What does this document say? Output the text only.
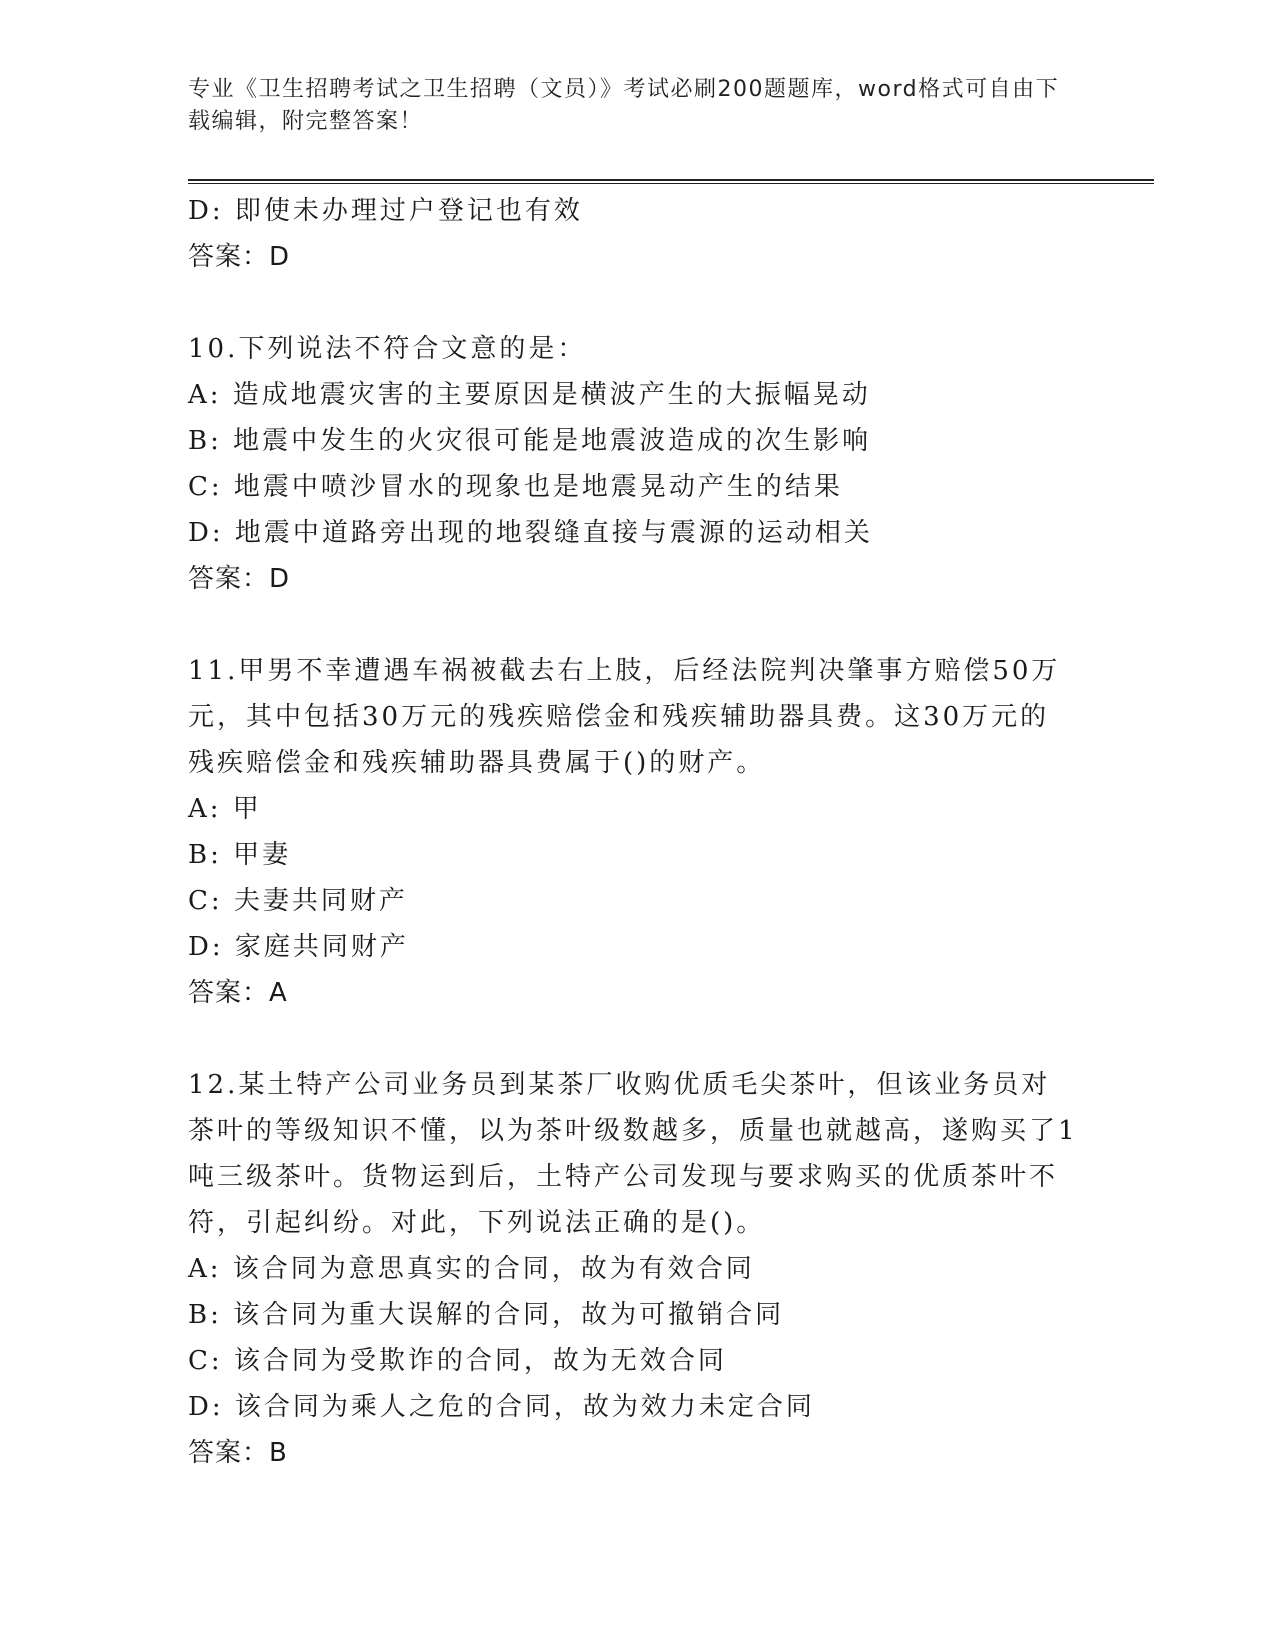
专业《卫生招聘考试之卫生招聘（文员）》考试必刷200题题库，word格式可自由下载编辑，附完整答案！
D: 即使未办理过户登记也有效
答案：D
10.下列说法不符合文意的是：
A: 造成地震灾害的主要原因是横波产生的大振幅晃动
B: 地震中发生的火灾很可能是地震波造成的次生影响
C: 地震中喷沙冒水的现象也是地震晃动产生的结果
D: 地震中道路旁出现的地裂缝直接与震源的运动相关
答案：D
11.甲男不幸遭遇车祸被截去右上肢，后经法院判决肇事方赔偿50万元，其中包括30万元的残疾赔偿金和残疾辅助器具费。这30万元的残疾赔偿金和残疾辅助器具费属于()的财产。
A: 甲
B: 甲妻
C: 夫妻共同财产
D: 家庭共同财产
答案：A
12.某土特产公司业务员到某茶厂收购优质毛尖茶叶，但该业务员对茶叶的等级知识不懂，以为茶叶级数越多，质量也就越高，遂购买了1吨三级茶叶。货物运到后，土特产公司发现与要求购买的优质茶叶不符，引起纠纷。对此，下列说法正确的是()。
A: 该合同为意思真实的合同，故为有效合同
B: 该合同为重大误解的合同，故为可撤销合同
C: 该合同为受欺诈的合同，故为无效合同
D: 该合同为乘人之危的合同，故为效力未定合同
答案：B
